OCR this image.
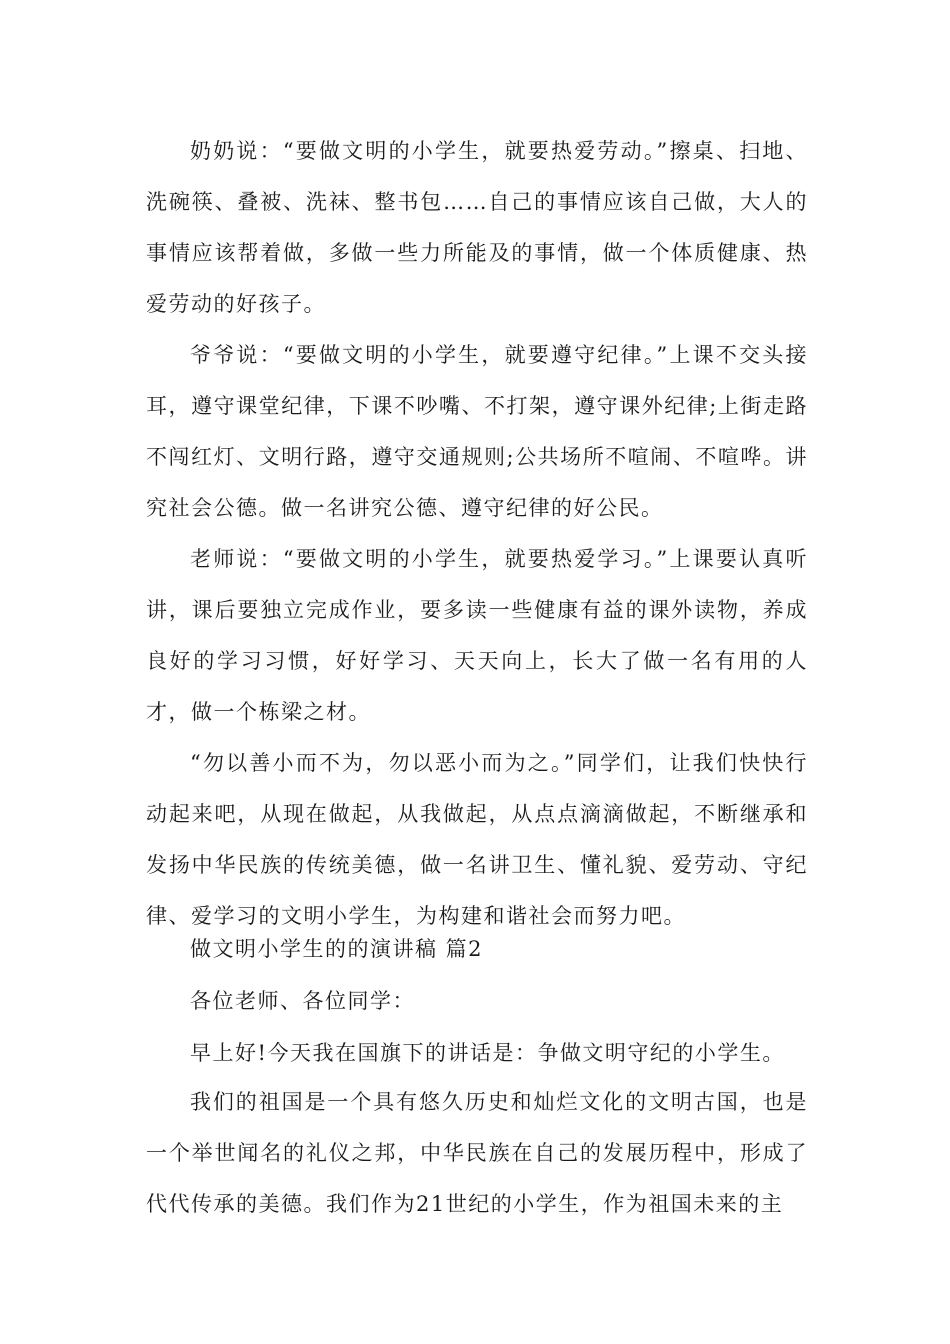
奶奶说：“要做文明的小学生，就要热爱劳动。”擦桌、扫地、洗碗筷、叠被、洗袜、整书包……自己的事情应该自己做，大人的事情应该帮着做，多做一些力所能及的事情，做一个体质健康、热爱劳动的好孩子。

爷爷说：“要做文明的小学生，就要遵守纪律。”上课不交头接耳，遵守课堂纪律，下课不吵嘴、不打架，遵守课外纪律;上街走路不闯红灯、文明行路，遵守交通规则;公共场所不喧闹、不喧哗。讲究社会公德。做一名讲究公德、遵守纪律的好公民。

老师说：“要做文明的小学生，就要热爱学习。”上课要认真听讲，课后要独立完成作业，要多读一些健康有益的课外读物，养成良好的学习习惯，好好学习、天天向上，长大了做一名有用的人才，做一个栋梁之材。

“勿以善小而不为，勿以恶小而为之。”同学们，让我们快快行动起来吧，从现在做起，从我做起，从点点滴滴做起，不断继承和发扬中华民族的传统美德，做一名讲卫生、懂礼貌、爱劳动、守纪律、爱学习的文明小学生，为构建和谐社会而努力吧。

做文明小学生的的演讲稿 篇2

各位老师、各位同学：

早上好!今天我在国旗下的讲话是：争做文明守纪的小学生。

我们的祖国是一个具有悠久历史和灿烂文化的文明古国，也是一个举世闻名的礼仪之邦，中华民族在自己的发展历程中，形成了代代传承的美德。我们作为21世纪的小学生，作为祖国未来的主
